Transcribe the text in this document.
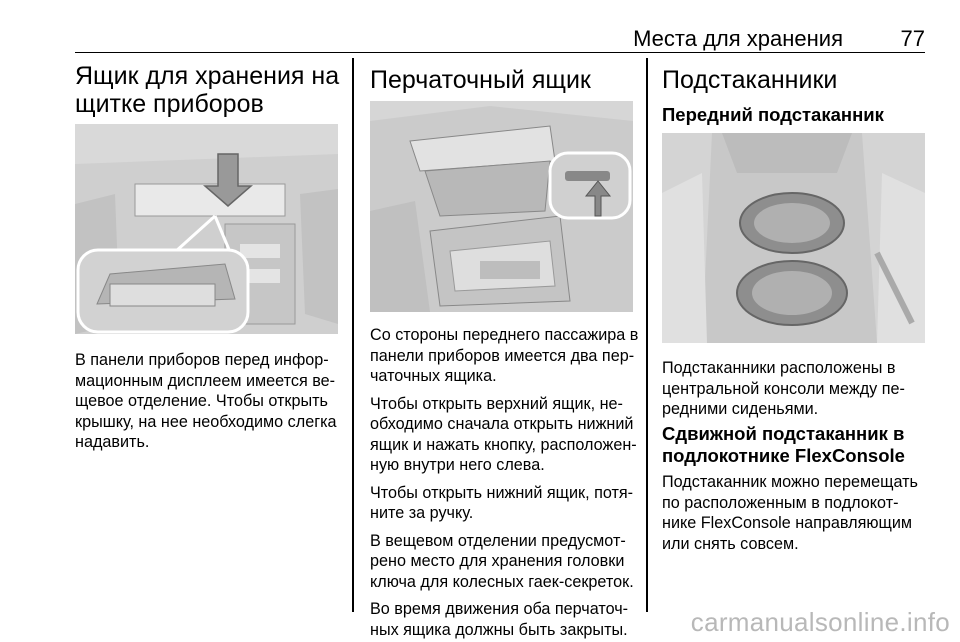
Места для хранения	77
Ящик для хранения на
щитке приборов
В панели приборов перед инфор-
мационным дисплеем имеется ве-
щевое отделение. Чтобы открыть
крышку, на нее необходимо слегка
надавить.
Перчаточный ящик
Со стороны переднего пассажира в
панели приборов имеется два пер-
чаточных ящика.
Чтобы открыть верхний ящик, не-
обходимо сначала открыть нижний
ящик и нажать кнопку, расположен-
ную внутри него слева.
Чтобы открыть нижний ящик, потя-
ните за ручку.
В вещевом отделении предусмот-
рено место для хранения головки
ключа для колесных гаек-секреток.
Во время движения оба перчаточ-
ных ящика должны быть закрыты.
Подстаканники
Передний подстаканник
Подстаканники расположены в
центральной консоли между пе-
редними сиденьями.
Сдвижной подстаканник в
подлокотнике FlexConsole
Подстаканник можно перемещать
по расположенным в подлокот-
нике FlexConsole направляющим
или снять совсем.
carmanualsonline.info
